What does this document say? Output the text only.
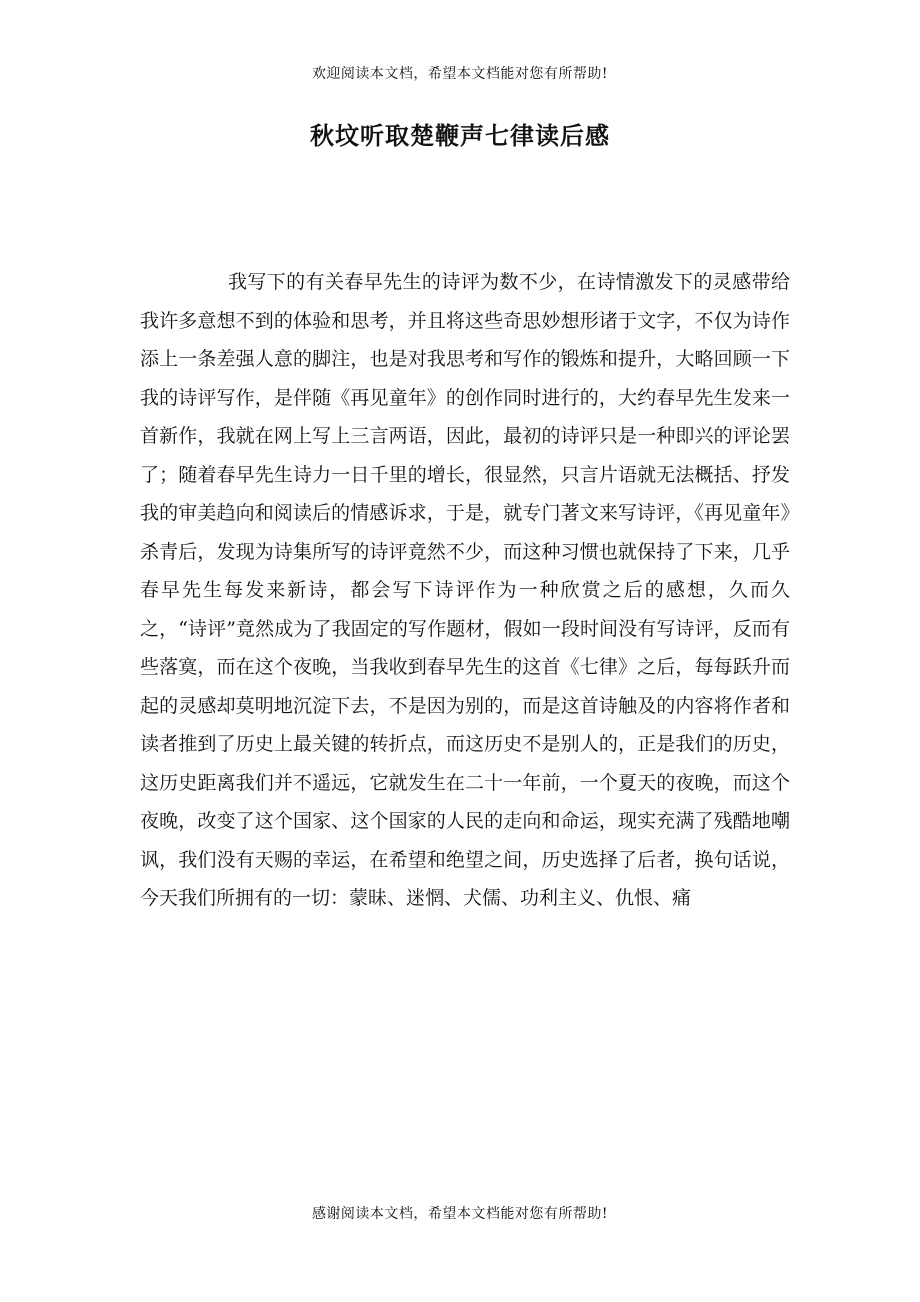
欢迎阅读本文档，希望本文档能对您有所帮助!
秋坟听取楚鞭声七律读后感

我写下的有关春早先生的诗评为数不少，在诗情激发下的灵感带给我许多意想不到的体验和思考，并且将这些奇思妙想形诸于文字，不仅为诗作添上一条差强人意的脚注，也是对我思考和写作的锻炼和提升，大略回顾一下我的诗评写作，是伴随《再见童年》的创作同时进行的，大约春早先生发来一首新作，我就在网上写上三言两语，因此，最初的诗评只是一种即兴的评论罢了；随着春早先生诗力一日千里的增长，很显然，只言片语就无法概括、抒发我的审美趋向和阅读后的情感诉求，于是，就专门著文来写诗评，《再见童年》杀青后，发现为诗集所写的诗评竟然不少，而这种习惯也就保持了下来，几乎春早先生每发来新诗，都会写下诗评作为一种欣赏之后的感想，久而久之，“诗评”竟然成为了我固定的写作题材，假如一段时间没有写诗评，反而有些落寞，而在这个夜晚，当我收到春早先生的这首《七律》之后，每每跃升而起的灵感却莫明地沉淀下去，不是因为别的，而是这首诗触及的内容将作者和读者推到了历史上最关键的转折点，而这历史不是别人的，正是我们的历史，这历史距离我们并不遥远，它就发生在二十一年前，一个夏天的夜晚，而这个夜晚，改变了这个国家、这个国家的人民的走向和命运，现实充满了残酷地嘲讽，我们没有天赐的幸运，在希望和绝望之间，历史选择了后者，换句话说，今天我们所拥有的一切：蒙昧、迷惘、犬儒、功利主义、仇恨、痛

感谢阅读本文档，希望本文档能对您有所帮助!
